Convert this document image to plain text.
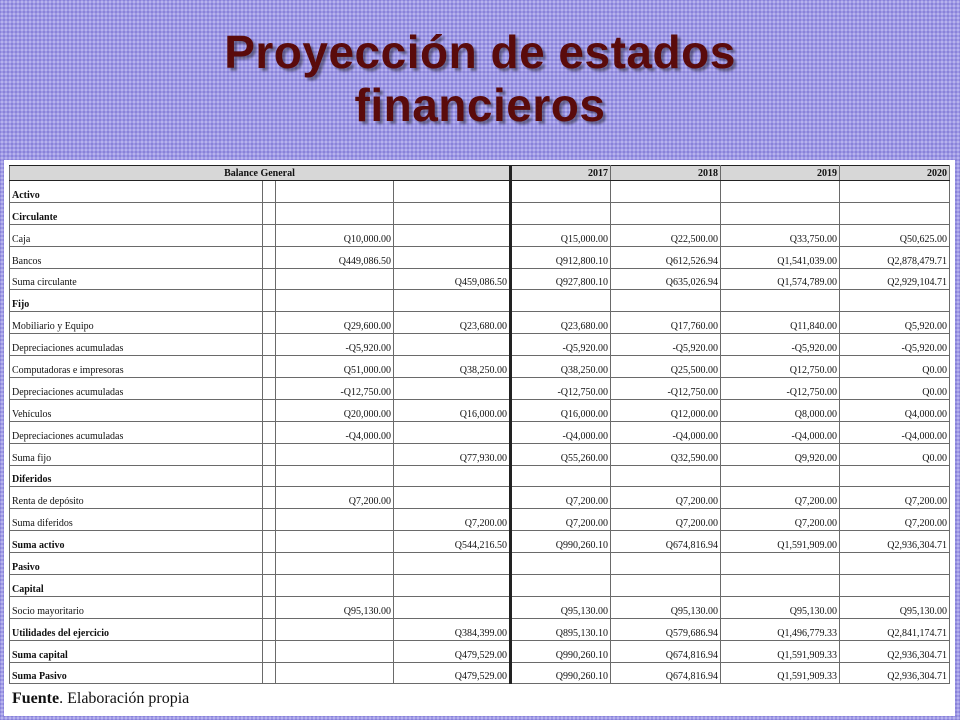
Proyección de estados
financieros
Balance General				2017	2018	2019	2020
Activo							
Circulante							
Caja		Q10,000.00		Q15,000.00	Q22,500.00	Q33,750.00	Q50,625.00
Bancos		Q449,086.50		Q912,800.10	Q612,526.94	Q1,541,039.00	Q2,878,479.71
Suma circulante			Q459,086.50	Q927,800.10	Q635,026.94	Q1,574,789.00	Q2,929,104.71
Fijo							
Mobiliario y Equipo		Q29,600.00	Q23,680.00	Q23,680.00	Q17,760.00	Q11,840.00	Q5,920.00
Depreciaciones acumuladas		-Q5,920.00		-Q5,920.00	-Q5,920.00	-Q5,920.00	-Q5,920.00
Computadoras e impresoras		Q51,000.00	Q38,250.00	Q38,250.00	Q25,500.00	Q12,750.00	Q0.00
Depreciaciones acumuladas		-Q12,750.00		-Q12,750.00	-Q12,750.00	-Q12,750.00	Q0.00
Vehículos		Q20,000.00	Q16,000.00	Q16,000.00	Q12,000.00	Q8,000.00	Q4,000.00
Depreciaciones acumuladas		-Q4,000.00		-Q4,000.00	-Q4,000.00	-Q4,000.00	-Q4,000.00
Suma fijo			Q77,930.00	Q55,260.00	Q32,590.00	Q9,920.00	Q0.00
Diferidos							
Renta de depósito		Q7,200.00		Q7,200.00	Q7,200.00	Q7,200.00	Q7,200.00
Suma diferidos			Q7,200.00	Q7,200.00	Q7,200.00	Q7,200.00	Q7,200.00
Suma activo			Q544,216.50	Q990,260.10	Q674,816.94	Q1,591,909.00	Q2,936,304.71
Pasivo							
Capital							
Socio mayoritario		Q95,130.00		Q95,130.00	Q95,130.00	Q95,130.00	Q95,130.00
Utilidades del ejercicio			Q384,399.00	Q895,130.10	Q579,686.94	Q1,496,779.33	Q2,841,174.71
Suma capital			Q479,529.00	Q990,260.10	Q674,816.94	Q1,591,909.33	Q2,936,304.71
Suma Pasivo			Q479,529.00	Q990,260.10	Q674,816.94	Q1,591,909.33	Q2,936,304.71
Fuente. Elaboración propia
